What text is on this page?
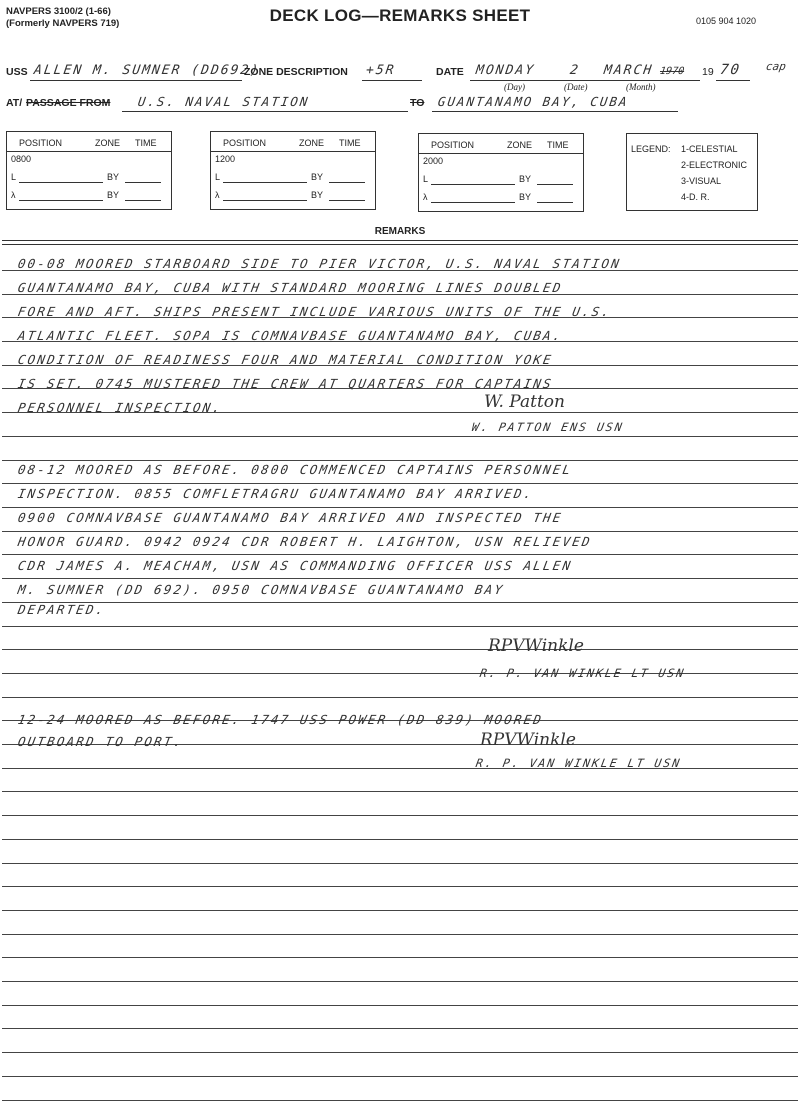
NAVPERS 3100/2 (1-66)
(Formerly NAVPERS 719)	DECK LOG—REMARKS SHEET	0105 904 1020
USS ALLEN M. SUMNER (DD692)
ZONE DESCRIPTION +5R	DATE MONDAY	2 MARCH 1970 19 70 cap
(Day)	(Date)	(Month)
AT/ PASSAGE FROM U.S. NAVAL STATION	TO GUANTANAMO BAY, CUBA
POSITION	ZONE TIME
0800
L	BY
λ	BY
POSITION	ZONE TIME
1200
L	BY
λ	BY
POSITION	ZONE TIME
2000
L	BY
λ	BY
LEGEND: 1-CELESTIAL
2-ELECTRONIC
3-VISUAL
4-D. R.
REMARKS
00-08 MOORED STARBOARD SIDE TO PIER VICTOR, U.S. NAVAL STATION
GUANTANAMO BAY, CUBA WITH STANDARD MOORING LINES DOUBLED
FORE AND AFT. SHIPS PRESENT INCLUDE VARIOUS UNITS OF THE U.S.
ATLANTIC FLEET. SOPA IS COMNAVBASE GUANTANAMO BAY, CUBA.
CONDITION OF READINESS FOUR AND MATERIAL CONDITION YOKE
IS SET. 0745 MUSTERED THE CREW AT QUARTERS FOR CAPTAINS
PERSONNEL INSPECTION.	W. Patton
W. PATTON ENS USN
08-12 MOORED AS BEFORE. 0800 COMMENCED CAPTAINS PERSONNEL
INSPECTION. 0855 COMFLETRAGRU GUANTANAMO BAY ARRIVED.
0900 COMNAVBASE GUANTANAMO BAY ARRIVED AND INSPECTED THE
HONOR GUARD. 0942 0924 CDR ROBERT H. LAIGHTON, USN RELIEVED
CDR JAMES A. MEACHAM, USN AS COMMANDING OFFICER USS ALLEN
M. SUMNER (DD 692). 0950 COMNAVBASE GUANTANAMO BAY
DEPARTED.
RPVWinkle
R. P. VAN WINKLE LT USN
12-24 MOORED AS BEFORE. 1747 USS POWER (DD 839) MOORED
OUTBOARD TO PORT.	RPVWinkle
R. P. VAN WINKLE LT USN
